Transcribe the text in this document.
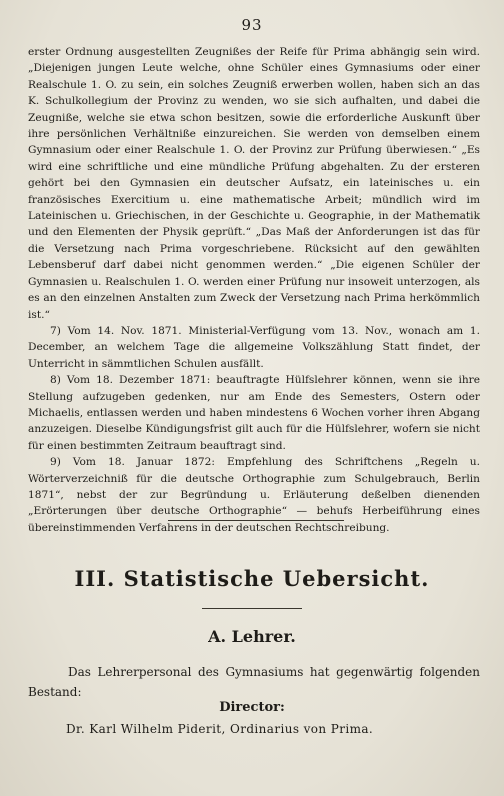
93

erster Ordnung ausgestellten Zeugnißes der Reife für Prima abhängig sein wird. „Diejenigen jungen Leute welche, ohne Schüler eines Gymnasiums oder einer Realschule 1. O. zu sein, ein solches Zeugniß erwerben wollen, haben sich an das K. Schulkollegium der Provinz zu wenden, wo sie sich aufhalten, und dabei die Zeugniße, welche sie etwa schon besitzen, sowie die erforderliche Auskunft über ihre persönlichen Verhältniße einzureichen. Sie werden von demselben einem Gymnasium oder einer Realschule 1. O. der Provinz zur Prüfung überwiesen.“ „Es wird eine schriftliche und eine mündliche Prüfung abgehalten. Zu der ersteren gehört bei den Gymnasien ein deutscher Aufsatz, ein lateinisches u. ein französisches Exercitium u. eine mathematische Arbeit; mündlich wird im Lateinischen u. Griechischen, in der Geschichte u. Geographie, in der Mathematik und den Elementen der Physik geprüft.“ „Das Maß der Anforderungen ist das für die Versetzung nach Prima vorgeschriebene. Rücksicht auf den gewählten Lebensberuf darf dabei nicht genommen werden.“ „Die eigenen Schüler der Gymnasien u. Realschulen 1. O. werden einer Prüfung nur insoweit unterzogen, als es an den einzelnen Anstalten zum Zweck der Versetzung nach Prima herkömmlich ist.“

7) Vom 14. Nov. 1871. Ministerial-Verfügung vom 13. Nov., wonach am 1. December, an welchem Tage die allgemeine Volkszählung Statt findet, der Unterricht in sämmtlichen Schulen ausfällt.

8) Vom 18. Dezember 1871: beauftragte Hülfslehrer können, wenn sie ihre Stellung aufzugeben gedenken, nur am Ende des Semesters, Ostern oder Michaelis, entlassen werden und haben mindestens 6 Wochen vorher ihren Abgang anzuzeigen. Dieselbe Kündigungsfrist gilt auch für die Hülfslehrer, wofern sie nicht für einen bestimmten Zeitraum beauftragt sind.

9) Vom 18. Januar 1872: Empfehlung des Schriftchens „Regeln u. Wörterverzeichniß für die deutsche Orthographie zum Schulgebrauch, Berlin 1871“, nebst der zur Begründung u. Erläuterung deßelben dienenden „Erörterungen über deutsche Orthographie“ — behufs Herbeiführung eines übereinstimmenden Verfahrens in der deutschen Rechtschreibung.

III. Statistische Uebersicht.
A. Lehrer.

Das Lehrerpersonal des Gymnasiums hat gegenwärtig folgenden Bestand:

Director:
Dr. Karl Wilhelm Piderit, Ordinarius von Prima.
